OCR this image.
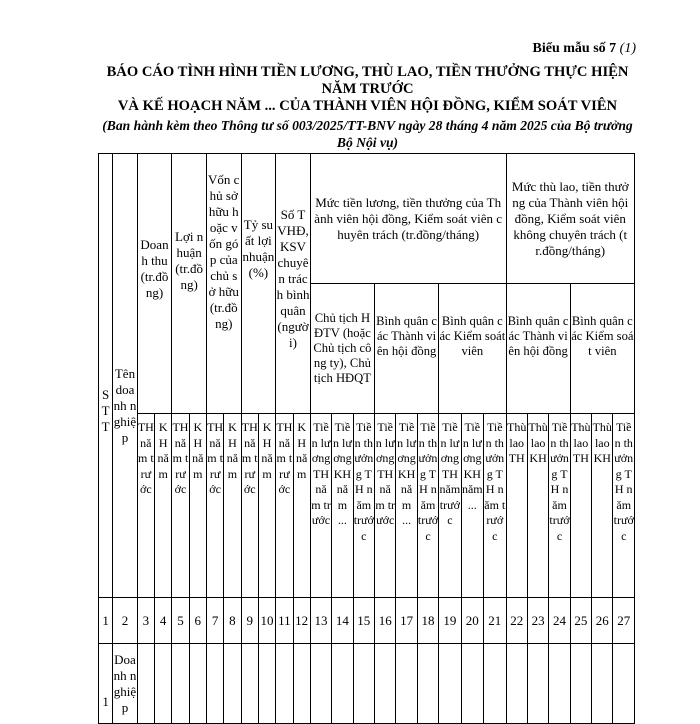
Biểu mẫu số 7 (1)
BÁO CÁO TÌNH HÌNH TIỀN LƯƠNG, THÙ LAO, TIỀN THƯỞNG THỰC HIỆN NĂM TRƯỚC
VÀ KẾ HOẠCH NĂM ... CỦA THÀNH VIÊN HỘI ĐỒNG, KIỂM SOÁT VIÊN
(Ban hành kèm theo Thông tư số 003/2025/TT-BNV ngày 28 tháng 4 năm 2025 của Bộ trưởng Bộ Nội vụ)
STT	Tên doanh nghiệp	Doanh thu (tr.đồng)		Lợi nhuận (tr.đồng)		Vốn chủ sở hữu hoặc vốn góp của chủ sở hữu (tr.đồng)		Tỷ suất lợi nhuận (%)		Số TVHĐ, KSV chuyên trách bình quân (người)		Mức tiền lương, tiền thưởng của Thành viên hội đồng, Kiểm soát viên chuyên trách (tr.đồng/tháng)									Mức thù lao, tiền thưởng của Thành viên hội đồng, Kiểm soát viên không chuyên trách (tr.đồng/tháng)					
												Chủ tịch HĐTV (hoặc Chủ tịch công ty), Chủ tịch HĐQT			Bình quân các Thành viên hội đồng			Bình quân các Kiểm soát viên			Bình quân các Thành viên hội đồng			Bình quân các Kiểm soát viên		
		TH năm trước	KH năm	TH năm trước	KH năm	TH năm trước	KH năm	TH năm trước	KH năm	TH năm trước	KH năm	Tiền lương TH năm trước	Tiền lương KH năm ...	Tiền thưởng TH năm trước	Tiền lương TH năm trước	Tiền lương KH năm ...	Tiền thưởng TH năm trước	Tiền lương TH năm trước	Tiền lương KH năm ...	Tiền thưởng TH năm trước	Thù lao TH	Thù lao KH	Tiền thưởng TH năm trước	Thù lao TH	Thù lao KH	Tiền thưởng TH năm trước
1	2	3	4	5	6	7	8	9	10	11	12	13	14	15	16	17	18	19	20	21	22	23	24	25	26	27
1	Doanh nghiệp																									
